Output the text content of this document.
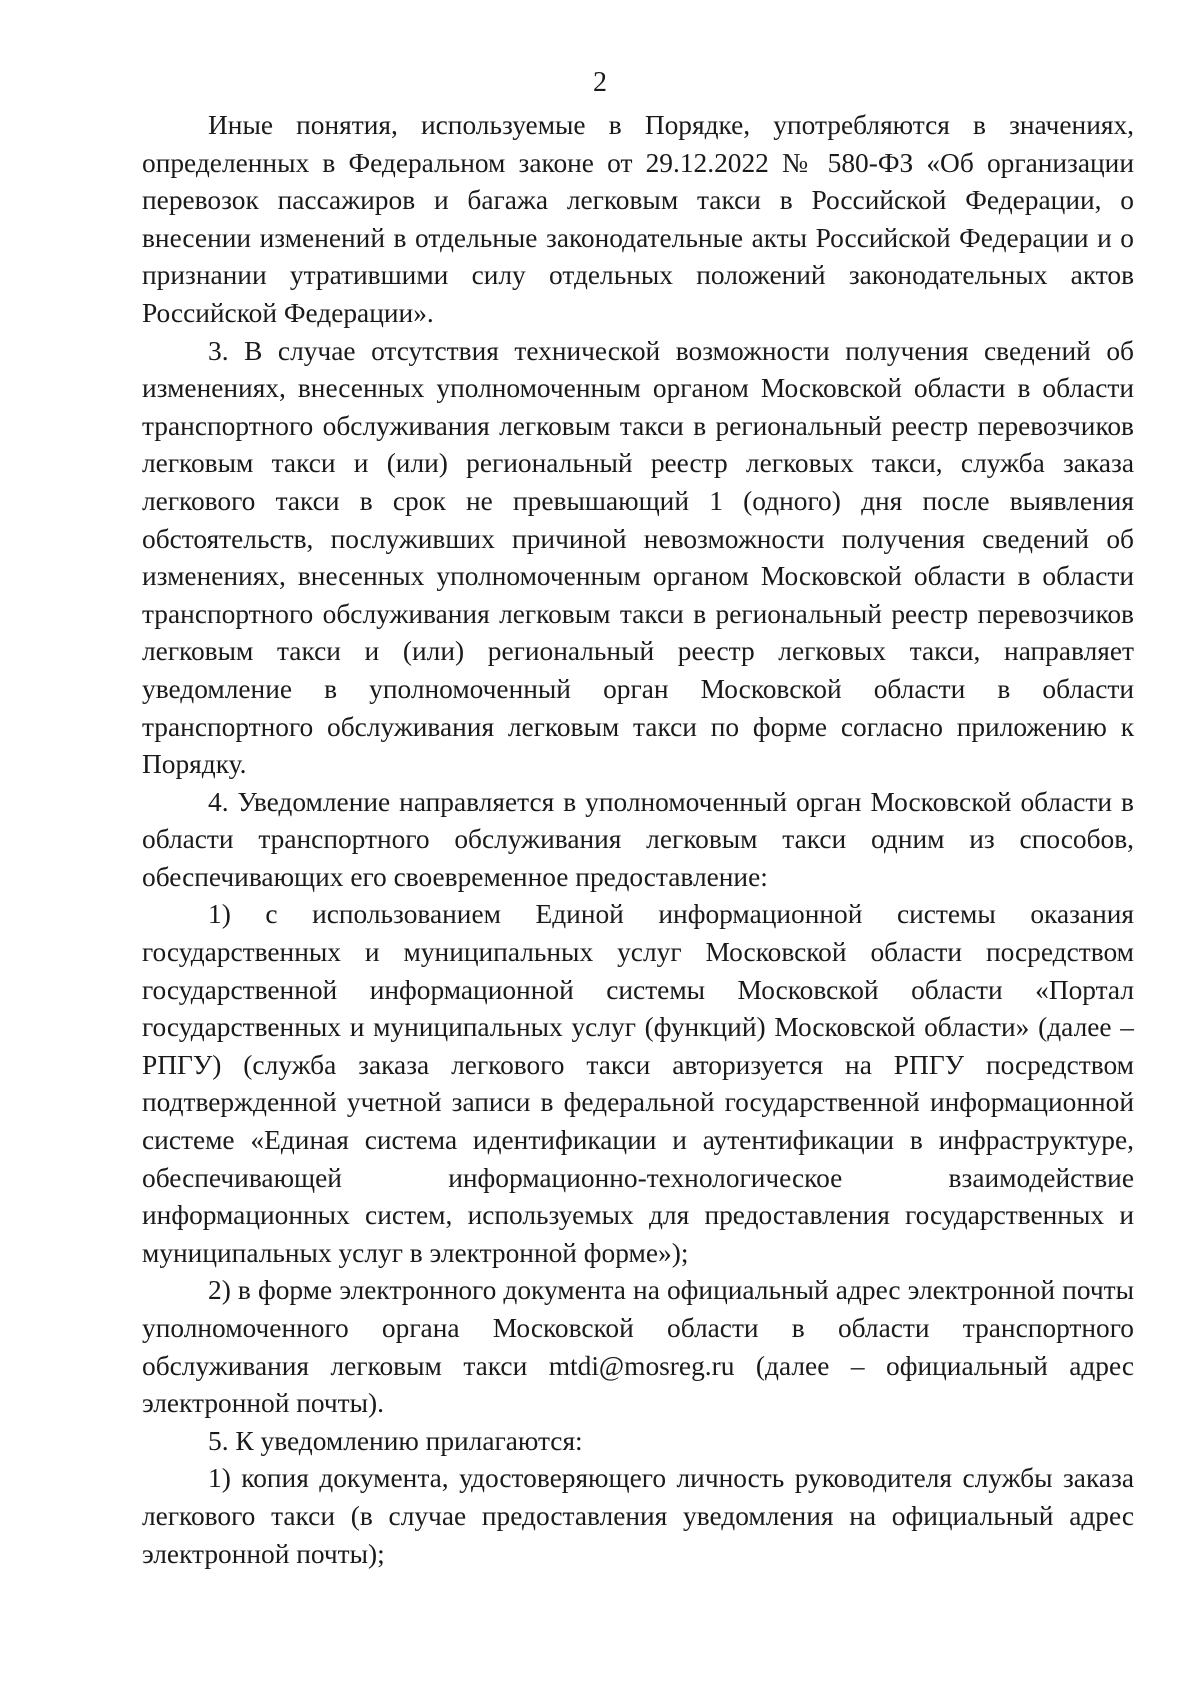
2

Иные понятия, используемые в Порядке, употребляются в значениях, определенных в Федеральном законе от 29.12.2022 № 580-ФЗ «Об организации перевозок пассажиров и багажа легковым такси в Российской Федерации, о внесении изменений в отдельные законодательные акты Российской Федерации и о признании утратившими силу отдельных положений законодательных актов Российской Федерации».

3. В случае отсутствия технической возможности получения сведений об изменениях, внесенных уполномоченным органом Московской области в области транспортного обслуживания легковым такси в региональный реестр перевозчиков легковым такси и (или) региональный реестр легковых такси, служба заказа легкового такси в срок не превышающий 1 (одного) дня после выявления обстоятельств, послуживших причиной невозможности получения сведений об изменениях, внесенных уполномоченным органом Московской области в области транспортного обслуживания легковым такси в региональный реестр перевозчиков легковым такси и (или) региональный реестр легковых такси, направляет уведомление в уполномоченный орган Московской области в области транспортного обслуживания легковым такси по форме согласно приложению к Порядку.

4. Уведомление направляется в уполномоченный орган Московской области в области транспортного обслуживания легковым такси одним из способов, обеспечивающих его своевременное предоставление:

1) с использованием Единой информационной системы оказания государственных и муниципальных услуг Московской области посредством государственной информационной системы Московской области «Портал государственных и муниципальных услуг (функций) Московской области» (далее – РПГУ) (служба заказа легкового такси авторизуется на РПГУ посредством подтвержденной учетной записи в федеральной государственной информационной системе «Единая система идентификации и аутентификации в инфраструктуре, обеспечивающей информационно-технологическое взаимодействие информационных систем, используемых для предоставления государственных и муниципальных услуг в электронной форме»);

2) в форме электронного документа на официальный адрес электронной почты уполномоченного органа Московской области в области транспортного обслуживания легковым такси mtdi@mosreg.ru (далее – официальный адрес электронной почты).

5. К уведомлению прилагаются:

1) копия документа, удостоверяющего личность руководителя службы заказа легкового такси (в случае предоставления уведомления на официальный адрес электронной почты);
